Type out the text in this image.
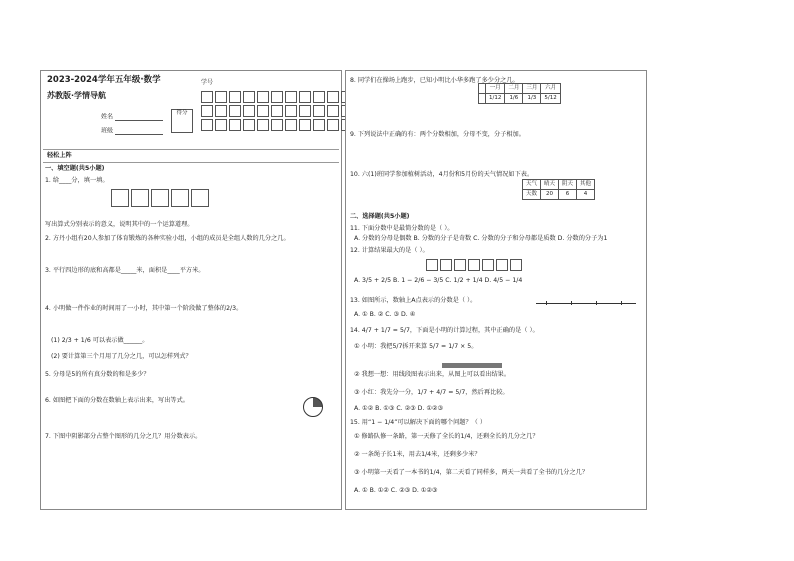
2023-2024学年五年级·数学
苏教版·学情导航
姓名
班级
得分
学号
轻松上阵
一、填空题(共5小题)
1. 给____分，填一填。
写出算式分别表示的意义，说明其中的一个运算道理。
2. 方丹小组有20人参加了体育锻炼的各种实验小组，小组的成员是全组人数的几分之几。
3. 平行四边形的底和高都是_____米，面积是____平方米。
4. 小明做一件作业的时间用了一小时，其中第一个阶段做了整体的2/3。
(1) 2/3 + 1/6 可以表示做______。
(2) 要计算第三个月用了几分之几，可以怎样列式？
5. 分母是5的所有真分数的和是多少？
6. 如图把下面的分数在数轴上表示出来，写出等式。
7. 下图中阴影部分占整个图形的几分之几？用分数表示。
8. 同学们在操场上跑步，已知小明比小华多跑了多少分之几。
	一月	二月	三月	六月
	1/12	1/6	1/3	5/12
9. 下列说法中正确的有：两个分数相加，分母不变，分子相加。
10. 六(1)班同学参加植树活动，4月份和5月份的天气情况如下表。
天气	晴天	阴天	其他
天数	20	6	4
二、选择题(共5小题)
11. 下面分数中是最简分数的是（ ）。
A. 分数的分母是偶数 B. 分数的分子是奇数 C. 分数的分子和分母都是质数 D. 分数的分子为1
12. 计算结果最大的是（ ）。
A. 3/5 + 2/5 B. 1 − 2/6 − 3/5 C. 1/2 + 1/4 D. 4/5 − 1/4
13. 如图所示，数轴上A点表示的分数是（ ）。
A. ① B. ② C. ③ D. ④
14. 4/7 + 1/7 = 5/7，下面是小明的计算过程，其中正确的是（ ）。
① 小明：我把5/7拆开来算 5/7 = 1/7 × 5。
② 我想一想：用线段图表示出来，从图上可以看出结果。
③ 小红：我先分一分，1/7 + 4/7 = 5/7，然后再比较。
A. ①② B. ①③ C. ②③ D. ①②③
15. 用“1 − 1/4”可以解决下面的哪个问题？（ ）
① 修路队修一条路，第一天修了全长的1/4，还剩全长的几分之几？
② 一条绳子长1米，用去1/4米，还剩多少米？
③ 小明第一天看了一本书的1/4，第二天看了同样多，两天一共看了全书的几分之几？
A. ① B. ①② C. ②③ D. ①②③
